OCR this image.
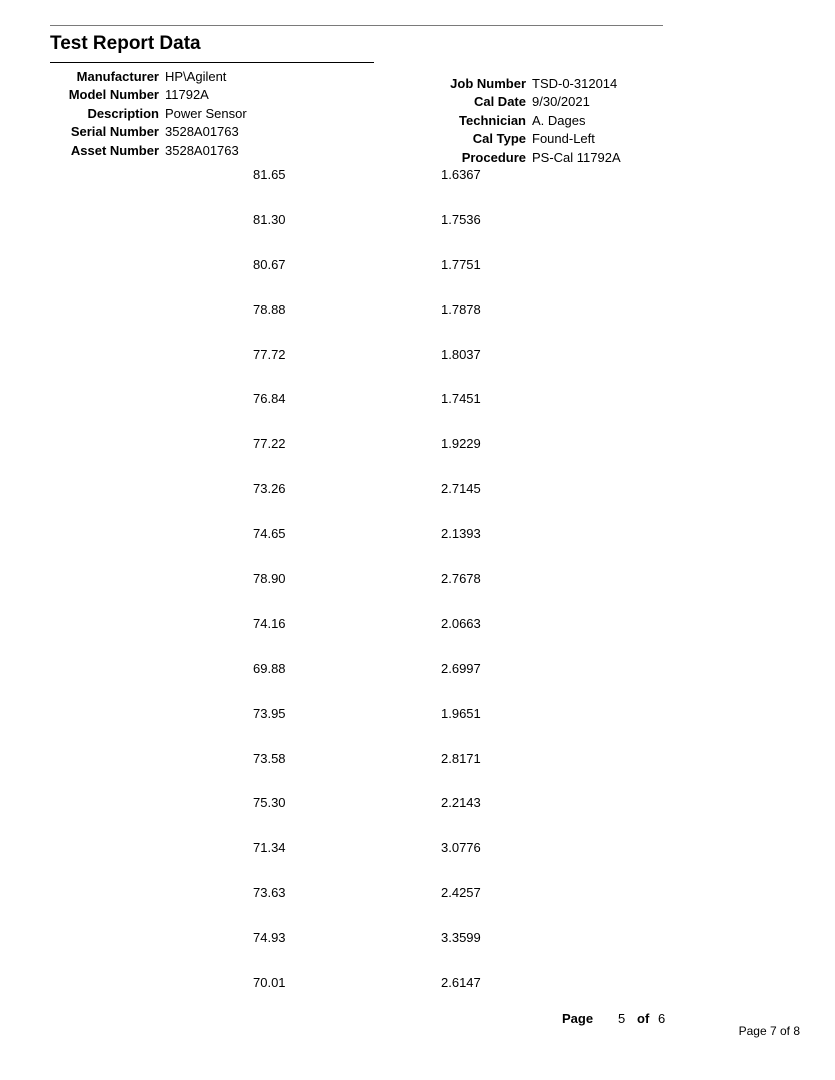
Test Report Data
Manufacturer HP\Agilent
Model Number 11792A
Description Power Sensor
Serial Number 3528A01763
Asset Number 3528A01763
Job Number TSD-0-312014
Cal Date 9/30/2021
Technician A. Dages
Cal Type Found-Left
Procedure PS-Cal 11792A
81.65	1.6367
81.30	1.7536
80.67	1.7751
78.88	1.7878
77.72	1.8037
76.84	1.7451
77.22	1.9229
73.26	2.7145
74.65	2.1393
78.90	2.7678
74.16	2.0663
69.88	2.6997
73.95	1.9651
73.58	2.8171
75.30	2.2143
71.34	3.0776
73.63	2.4257
74.93	3.3599
70.01	2.6147
Page 5 of 6
Page 7 of 8
